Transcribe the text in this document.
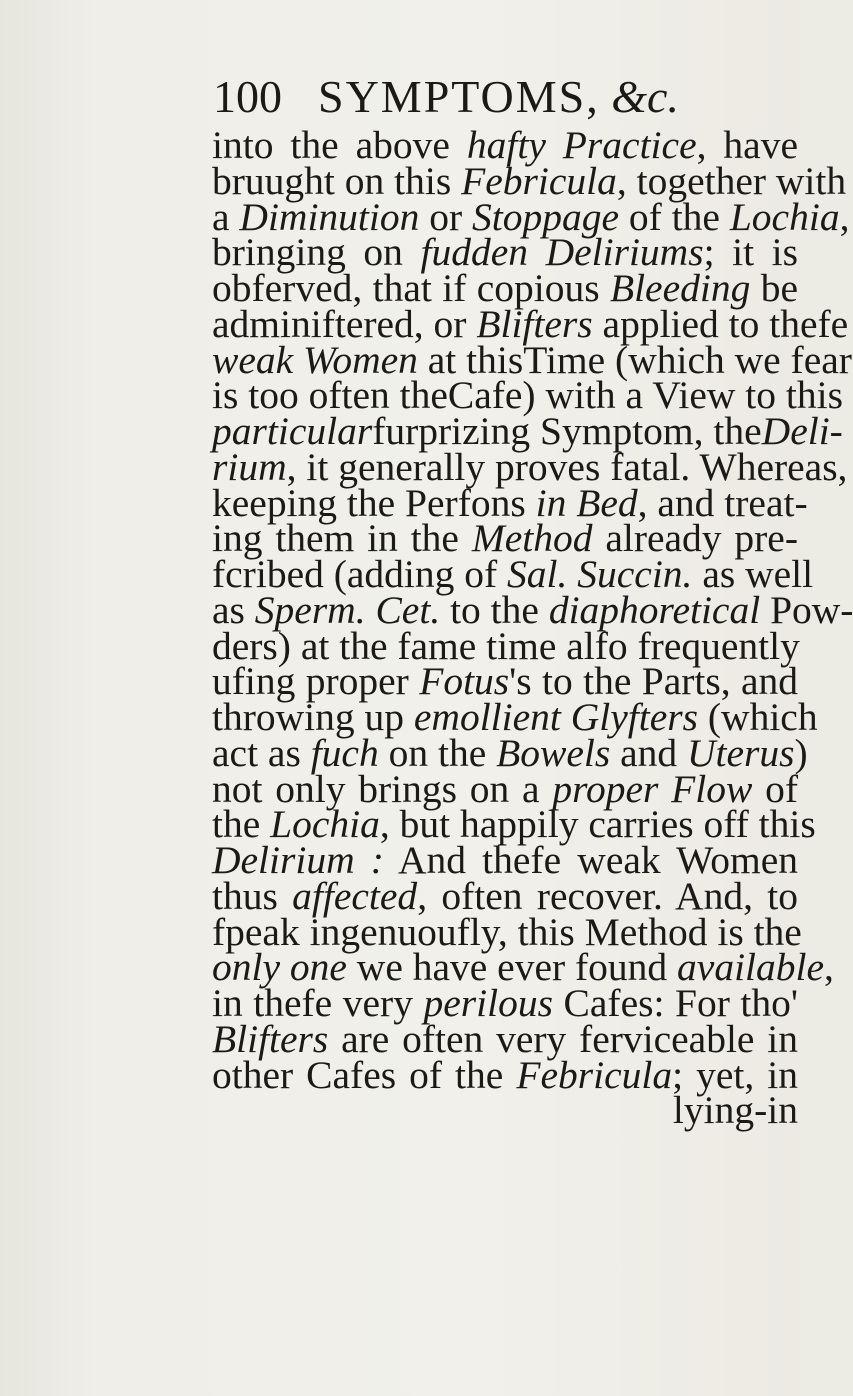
100 SYMPTOMS, &c.
into the above hafty Practice, have
bruught on this Febricula, together with
a Diminution or Stoppage of the Lochia,
bringing on fudden Deliriums; it is
obferved, that if copious Bleeding be
adminiftered, or Blifters applied to thefe
weak Women at thisTime (which we fear
is too often theCafe) with a View to this
particularfurprizing Symptom, theDeli-
rium, it generally proves fatal. Whereas,
keeping the Perfons in Bed, and treat-
ing them in the Method already pre-
fcribed (adding of Sal. Succin. as well
as Sperm. Cet. to the diaphoretical Pow-
ders) at the fame time alfo frequently
ufing proper Fotus's to the Parts, and
throwing up emollient Glyfters (which
act as fuch on the Bowels and Uterus)
not only brings on a proper Flow of
the Lochia, but happily carries off this
Delirium : And thefe weak Women
thus affected, often recover. And, to
fpeak ingenuoufly, this Method is the
only one we have ever found available,
in thefe very perilous Cafes: For tho'
Blifters are often very ferviceable in
other Cafes of the Febricula; yet, in
lying-in
